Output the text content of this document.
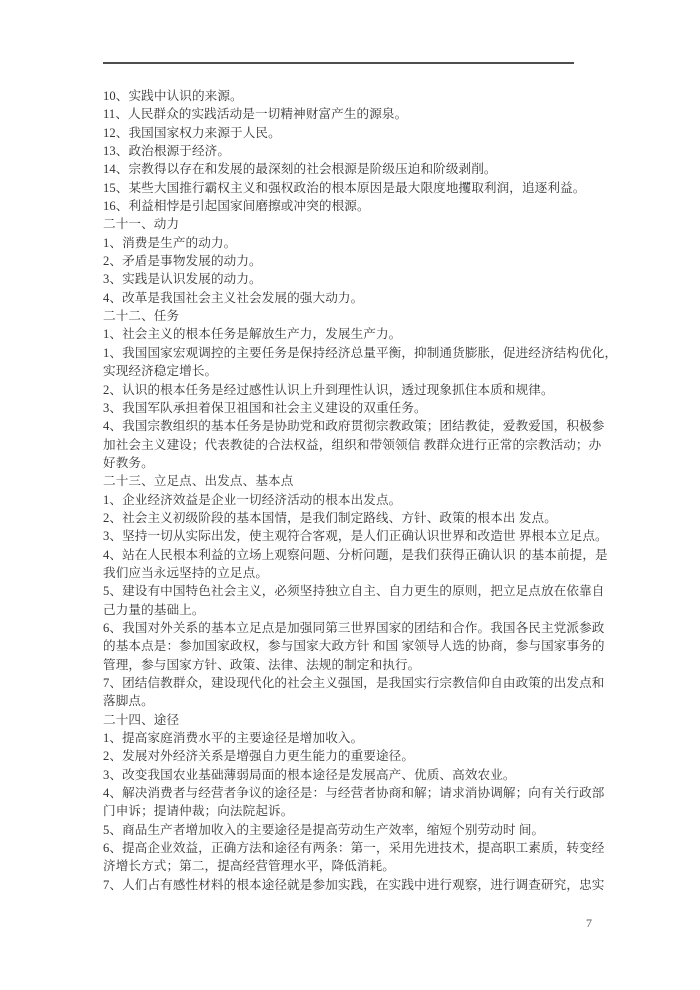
10、实践中认识的来源。
11、人民群众的实践活动是一切精神财富产生的源泉。
12、我国国家权力来源于人民。
13、政治根源于经济。
14、宗教得以存在和发展的最深刻的社会根源是阶级压迫和阶级剥削。
15、某些大国推行霸权主义和强权政治的根本原因是最大限度地攫取利润，追逐利益。
16、利益相悖是引起国家间磨擦或冲突的根源。
二十一、动力
1、消费是生产的动力。
2、矛盾是事物发展的动力。
3、实践是认识发展的动力。
4、改革是我国社会主义社会发展的强大动力。
二十二、任务
1、社会主义的根本任务是解放生产力，发展生产力。
1、我国国家宏观调控的主要任务是保持经济总量平衡，抑制通货膨胀，促进经济结构优化，
实现经济稳定增长。
2、认识的根本任务是经过感性认识上升到理性认识，透过现象抓住本质和规律。
3、我国军队承担着保卫祖国和社会主义建设的双重任务。
4、我国宗教组织的基本任务是协助党和政府贯彻宗教政策；团结教徒，爱教爱国，积极参
加社会主义建设；代表教徒的合法权益，组织和带领领信 教群众进行正常的宗教活动；办
好教务。
二十三、立足点、出发点、基本点
1、企业经济效益是企业一切经济活动的根本出发点。
2、社会主义初级阶段的基本国情，是我们制定路线、方针、政策的根本出 发点。
3、坚持一切从实际出发，使主观符合客观，是人们正确认识世界和改造世 界根本立足点。
4、站在人民根本利益的立场上观察问题、分析问题，是我们获得正确认识 的基本前提，是
我们应当永远坚持的立足点。
5、建设有中国特色社会主义，必须坚持独立自主、自力更生的原则，把立足点放在依靠自
己力量的基础上。
6、我国对外关系的基本立足点是加强同第三世界国家的团结和合作。我国各民主党派参政
的基本点是：参加国家政权，参与国家大政方针 和国 家领导人选的协商，参与国家事务的
管理，参与国家方针、政策、法律、法规的制定和执行。
7、团结信教群众，建设现代化的社会主义强国，是我国实行宗教信仰自由政策的出发点和
落脚点。
二十四、途径
1、提高家庭消费水平的主要途径是增加收入。
2、发展对外经济关系是增强自力更生能力的重要途径。
3、改变我国农业基础薄弱局面的根本途径是发展高产、优质、高效农业。
4、解决消费者与经营者争议的途径是：与经营者协商和解；请求消协调解；向有关行政部
门申诉；提请仲裁；向法院起诉。
5、商品生产者增加收入的主要途径是提高劳动生产效率，缩短个别劳动时 间。
6、提高企业效益，正确方法和途径有两条：第一，采用先进技术，提高职工素质，转变经
济增长方式；第二，提高经营管理水平，降低消耗。
7、人们占有感性材料的根本途径就是参加实践，在实践中进行观察，进行调查研究，忠实
7
